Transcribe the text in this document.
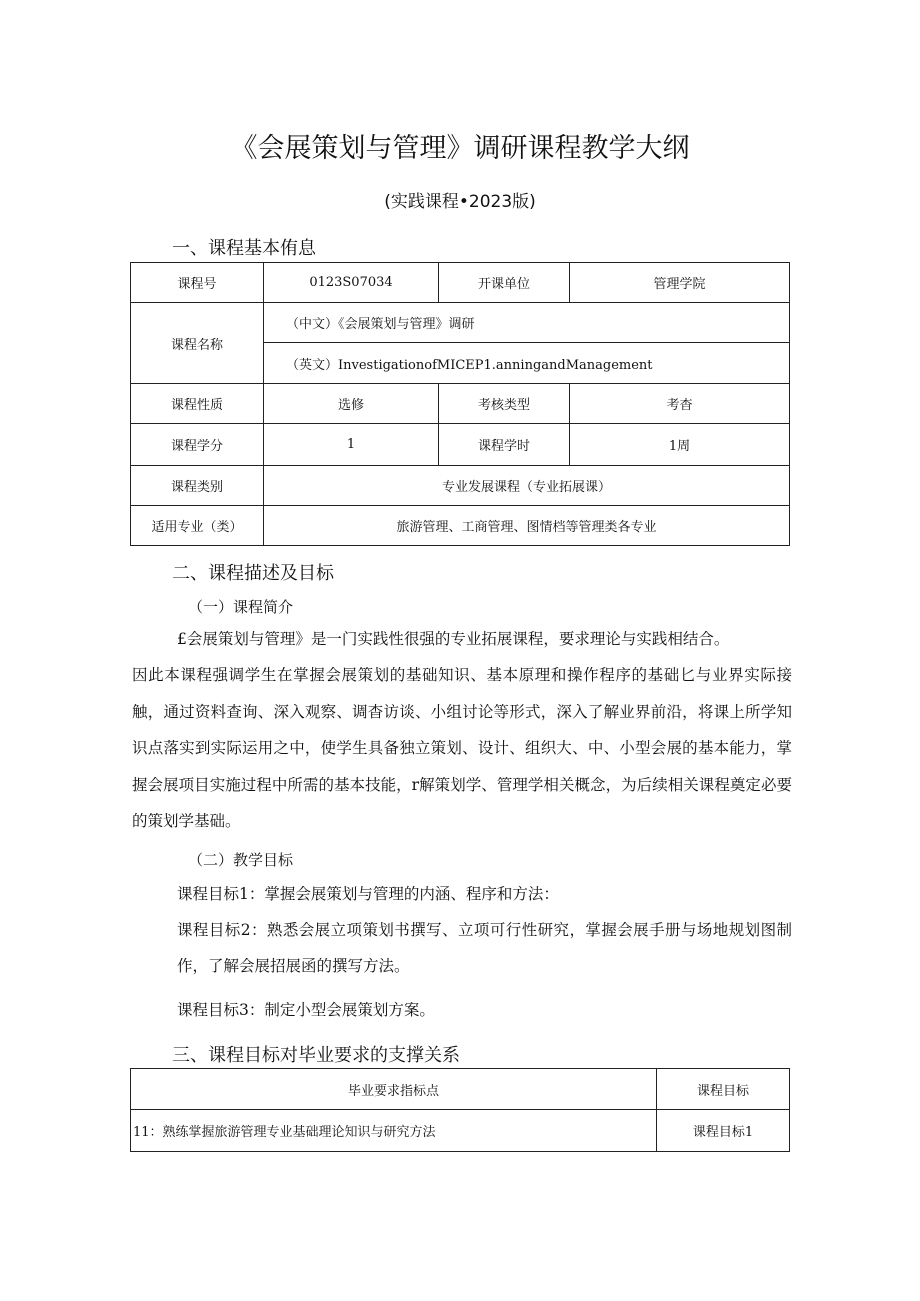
《会展策划与管理》调研课程教学大纲
(实践课程•2023版)
一、课程基本侑息
课程号	0123S07034	开课单位	管理学院
课程名称	（中文）《会展策划与管理》调研		
	（英文）InvestigationofMICEP1.anningandManagement		
课程性质	选修	考核类型	考杳
课程学分	1	课程学时	1周
课程类别	专业发展课程（专业拓展课）		
适用专业（类）	旅游管理、工商管理、图情档等管理类各专业		
二、课程描述及目标
（一）课程简介
£会展策划与管理》是一门实践性很强的专业拓展课程，要求理论与实践相结合。
因此本课程强调学生在掌握会展策划的基础知识、基本原理和操作程序的基础匕与业界实际接触，通过资料查询、深入观察、调杳访谈、小组讨论等形式，深入了解业界前沿，将课上所学知识点落实到实际运用之中，使学生具备独立策划、设计、组织大、中、小型会展的基本能力，掌握会展项目实施过程中所需的基本技能，r解策划学、管理学相关概念，为后续相关课程奠定必要的策划学基础。
（二）教学目标
课程目标1：掌握会展策划与管理的内涵、程序和方法：
课程目标2：熟悉会展立项策划书撰写、立项可行性研究，掌握会展手册与场地规划图制作，了解会展招展函的撰写方法。
课程目标3：制定小型会展策划方案。
三、课程目标对毕业要求的支撑关系
毕业要求指标点	课程目标
11：熟练掌握旅游管理专业基础理论知识与研究方法	课程目标1
